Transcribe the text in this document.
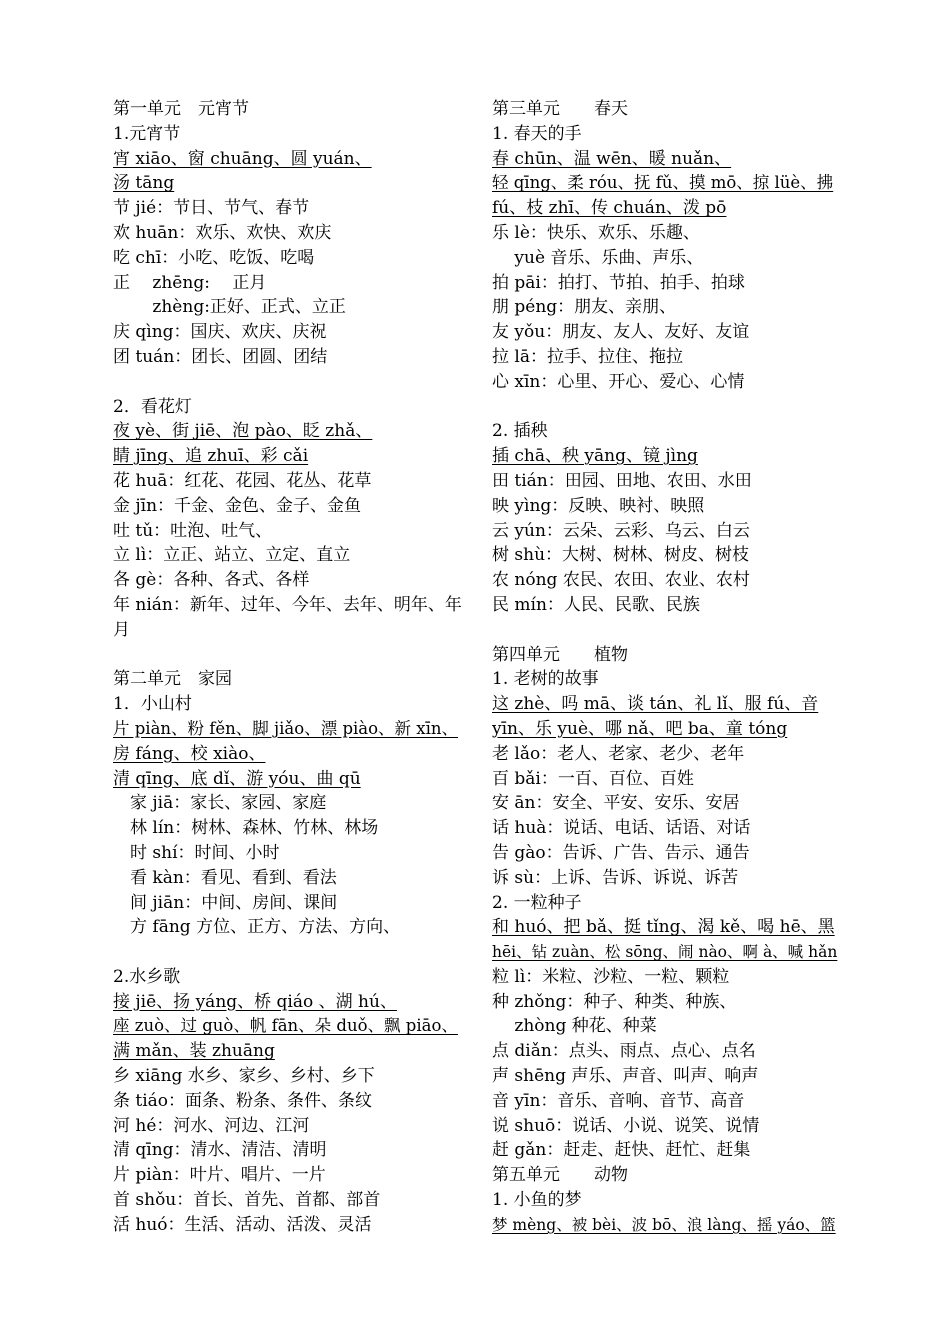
第一单元　元宵节
1.元宵节
宵 xiāo、窗 chuāng、圆 yuán、
汤 tāng
节 jié：节日、节气、春节
欢 huān：欢乐、欢快、欢庆
吃 chī：小吃、吃饭、吃喝
正　 zhēng:　 正月
　　 zhèng:正好、正式、立正
庆 qìng：国庆、欢庆、庆祝
团 tuán：团长、团圆、团结
2．看花灯
夜 yè、街 jiē、泡 pào、眨 zhǎ、
睛 jīng、追 zhuī、彩 cǎi
花 huā：红花、花园、花丛、花草
金 jīn：千金、金色、金子、金鱼
吐 tǔ：吐泡、吐气、
立 lì：立正、站立、立定、直立
各 gè：各种、各式、各样
年 nián：新年、过年、今年、去年、明年、年
月
第二单元　家园
1．小山村
片 piàn、粉 fěn、脚 jiǎo、漂 piào、新 xīn、
房 fáng、校 xiào、
清 qīng、底 dǐ、游 yóu、曲 qū
　家 jiā：家长、家园、家庭
　林 lín：树林、森林、竹林、林场
　时 shí：时间、小时
　看 kàn：看见、看到、看法
　间 jiān：中间、房间、课间
　方 fāng 方位、正方、方法、方向、
2.水乡歌
接 jiē、扬 yáng、桥 qiáo 、湖 hú、
座 zuò、过 guò、帆 fān、朵 duǒ、飘 piāo、
满 mǎn、装 zhuāng
乡 xiāng 水乡、家乡、乡村、乡下
条 tiáo：面条、粉条、条件、条纹
河 hé：河水、河边、江河
清 qīng：清水、清洁、清明
片 piàn：叶片、唱片、一片
首 shǒu：首长、首先、首都、部首
活 huó：生活、活动、活泼、灵活
第三单元　　春天
1. 春天的手
春 chūn、温 wēn、暖 nuǎn、
轻 qīng、柔 róu、抚 fǔ、摸 mō、掠 lüè、拂
fú、枝 zhī、传 chuán、泼 pō
乐 lè：快乐、欢乐、乐趣、
　 yuè 音乐、乐曲、声乐、
拍 pāi：拍打、节拍、拍手、拍球
朋 péng：朋友、亲朋、
友 yǒu：朋友、友人、友好、友谊
拉 lā：拉手、拉住、拖拉
心 xīn：心里、开心、爱心、心情
2. 插秧
插 chā、秧 yāng、镜 jìng
田 tián：田园、田地、农田、水田
映 yìng：反映、映衬、映照
云 yún：云朵、云彩、乌云、白云
树 shù：大树、树林、树皮、树枝
农 nóng 农民、农田、农业、农村
民 mín：人民、民歌、民族
第四单元　　植物
1. 老树的故事
这 zhè、吗 mā、谈 tán、礼 lǐ、服 fú、音
yīn、乐 yuè、哪 nǎ、吧 ba、童 tóng
老 lǎo：老人、老家、老少、老年
百 bǎi：一百、百位、百姓
安 ān：安全、平安、安乐、安居
话 huà：说话、电话、话语、对话
告 gào：告诉、广告、告示、通告
诉 sù：上诉、告诉、诉说、诉苦
2. 一粒种子
和 huó、把 bǎ、挺 tǐng、渴 kě、喝 hē、黑
hēi、钻 zuàn、松 sōng、闹 nào、啊 à、喊 hǎn
粒 lì：米粒、沙粒、一粒、颗粒
种 zhǒng：种子、种类、种族、
　 zhòng 种花、种菜
点 diǎn：点头、雨点、点心、点名
声 shēng 声乐、声音、叫声、响声
音 yīn：音乐、音响、音节、高音
说 shuō：说话、小说、说笑、说情
赶 gǎn：赶走、赶快、赶忙、赶集
第五单元　　动物
1. 小鱼的梦
梦 mèng、被 bèi、波 bō、浪 làng、摇 yáo、篮
